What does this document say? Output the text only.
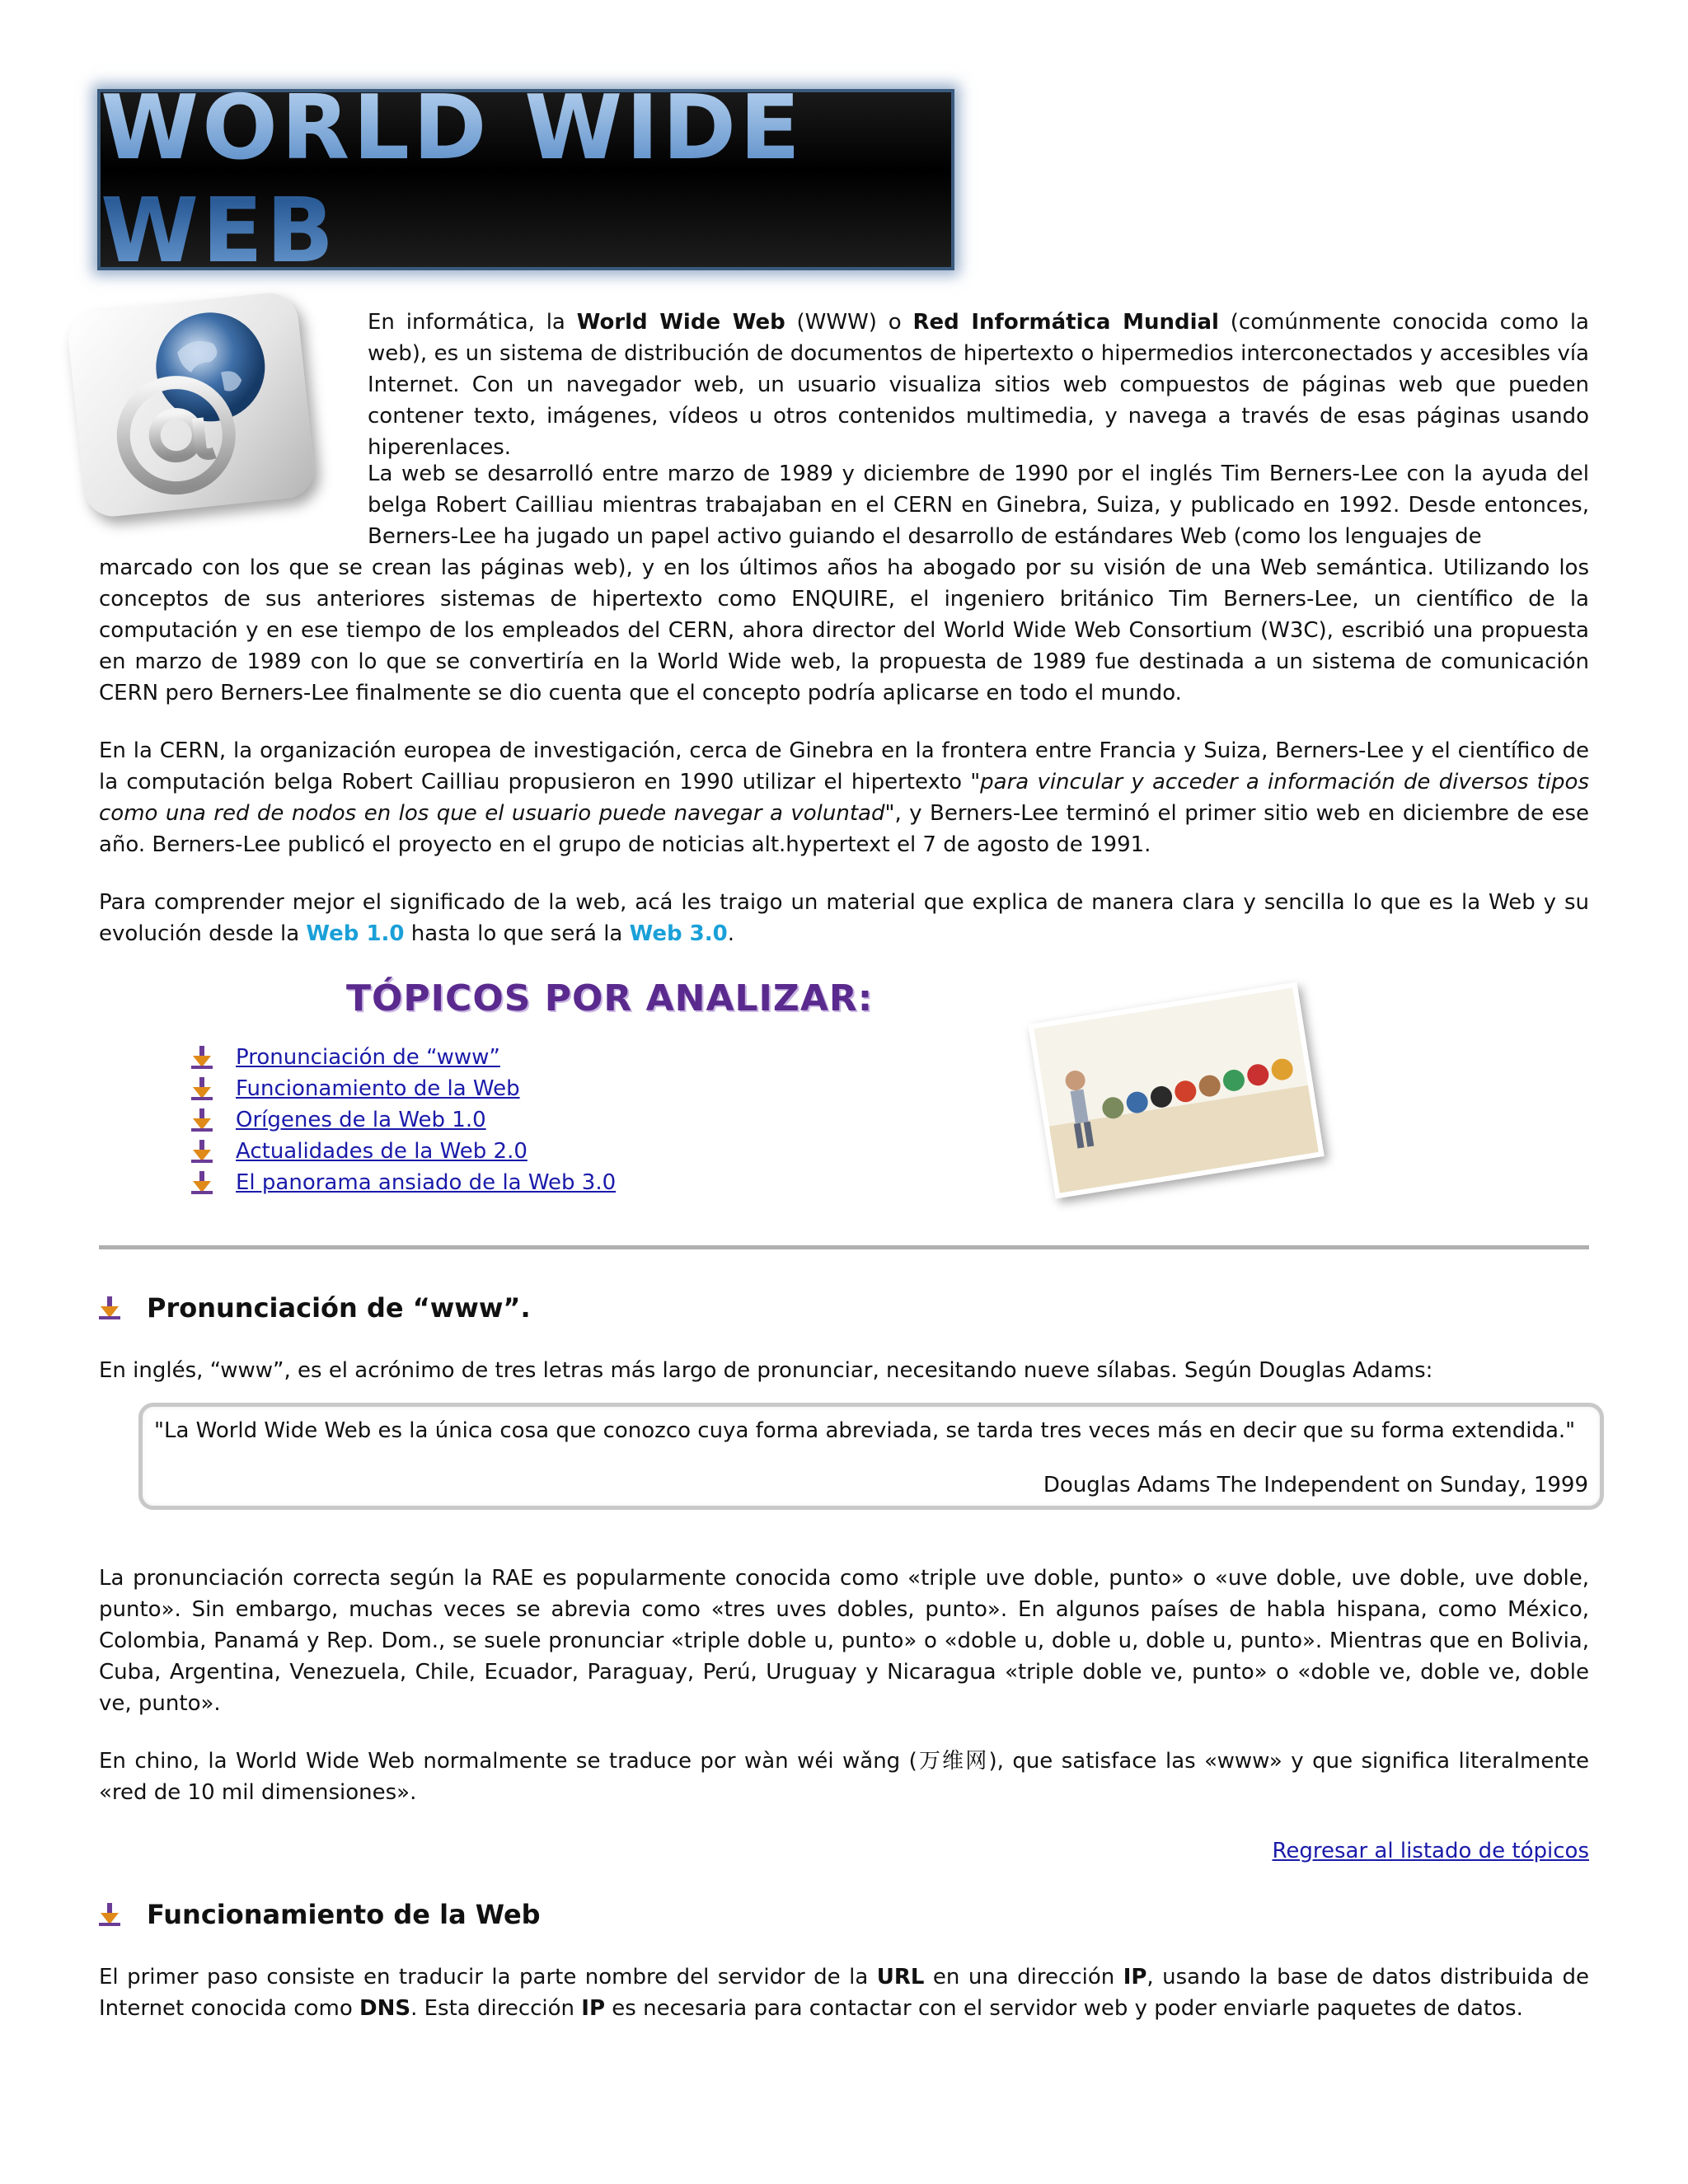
WORLD WIDE WEB

En informática, la World Wide Web (WWW) o Red Informática Mundial (comúnmente conocida como la web), es un sistema de distribución de documentos de hipertexto o hipermedios interconectados y accesibles vía Internet. Con un navegador web, un usuario visualiza sitios web compuestos de páginas web que pueden contener texto, imágenes, vídeos u otros contenidos multimedia, y navega a través de esas páginas usando hiperenlaces.

La web se desarrolló entre marzo de 1989 y diciembre de 1990 por el inglés Tim Berners-Lee con la ayuda del belga Robert Cailliau mientras trabajaban en el CERN en Ginebra, Suiza, y publicado en 1992. Desde entonces, Berners-Lee ha jugado un papel activo guiando el desarrollo de estándares Web (como los lenguajes de

marcado con los que se crean las páginas web), y en los últimos años ha abogado por su visión de una Web semántica. Utilizando los conceptos de sus anteriores sistemas de hipertexto como ENQUIRE, el ingeniero británico Tim Berners-Lee, un científico de la computación y en ese tiempo de los empleados del CERN, ahora director del World Wide Web Consortium (W3C), escribió una propuesta en marzo de 1989 con lo que se convertiría en la World Wide web, la propuesta de 1989 fue destinada a un sistema de comunicación CERN pero Berners-Lee finalmente se dio cuenta que el concepto podría aplicarse en todo el mundo.

En la CERN, la organización europea de investigación, cerca de Ginebra en la frontera entre Francia y Suiza, Berners-Lee y el científico de la computación belga Robert Cailliau propusieron en 1990 utilizar el hipertexto "para vincular y acceder a información de diversos tipos como una red de nodos en los que el usuario puede navegar a voluntad", y Berners-Lee terminó el primer sitio web en diciembre de ese año. Berners-Lee publicó el proyecto en el grupo de noticias alt.hypertext el 7 de agosto de 1991.

Para comprender mejor el significado de la web, acá les traigo un material que explica de manera clara y sencilla lo que es la Web y su evolución desde la Web 1.0 hasta lo que será la Web 3.0.

TÓPICOS POR ANALIZAR:
Pronunciación de “www”
Funcionamiento de la Web
Orígenes de la Web 1.0
Actualidades de la Web 2.0
El panorama ansiado de la Web 3.0
Pronunciación de “www”.

En inglés, “www”, es el acrónimo de tres letras más largo de pronunciar, necesitando nueve sílabas. Según Douglas Adams:

"La World Wide Web es la única cosa que conozco cuya forma abreviada, se tarda tres veces más en decir que su forma extendida."

Douglas Adams The Independent on Sunday, 1999

La pronunciación correcta según la RAE es popularmente conocida como «triple uve doble, punto» o «uve doble, uve doble, uve doble, punto». Sin embargo, muchas veces se abrevia como «tres uves dobles, punto». En algunos países de habla hispana, como México, Colombia, Panamá y Rep. Dom., se suele pronunciar «triple doble u, punto» o «doble u, doble u, doble u, punto». Mientras que en Bolivia, Cuba, Argentina, Venezuela, Chile, Ecuador, Paraguay, Perú, Uruguay y Nicaragua «triple doble ve, punto» o «doble ve, doble ve, doble ve, punto».

En chino, la World Wide Web normalmente se traduce por wàn wéi wǎng (万维网), que satisface las «www» y que significa literalmente «red de 10 mil dimensiones».

Regresar al listado de tópicos
Funcionamiento de la Web

El primer paso consiste en traducir la parte nombre del servidor de la URL en una dirección IP, usando la base de datos distribuida de Internet conocida como DNS. Esta dirección IP es necesaria para contactar con el servidor web y poder enviarle paquetes de datos.
